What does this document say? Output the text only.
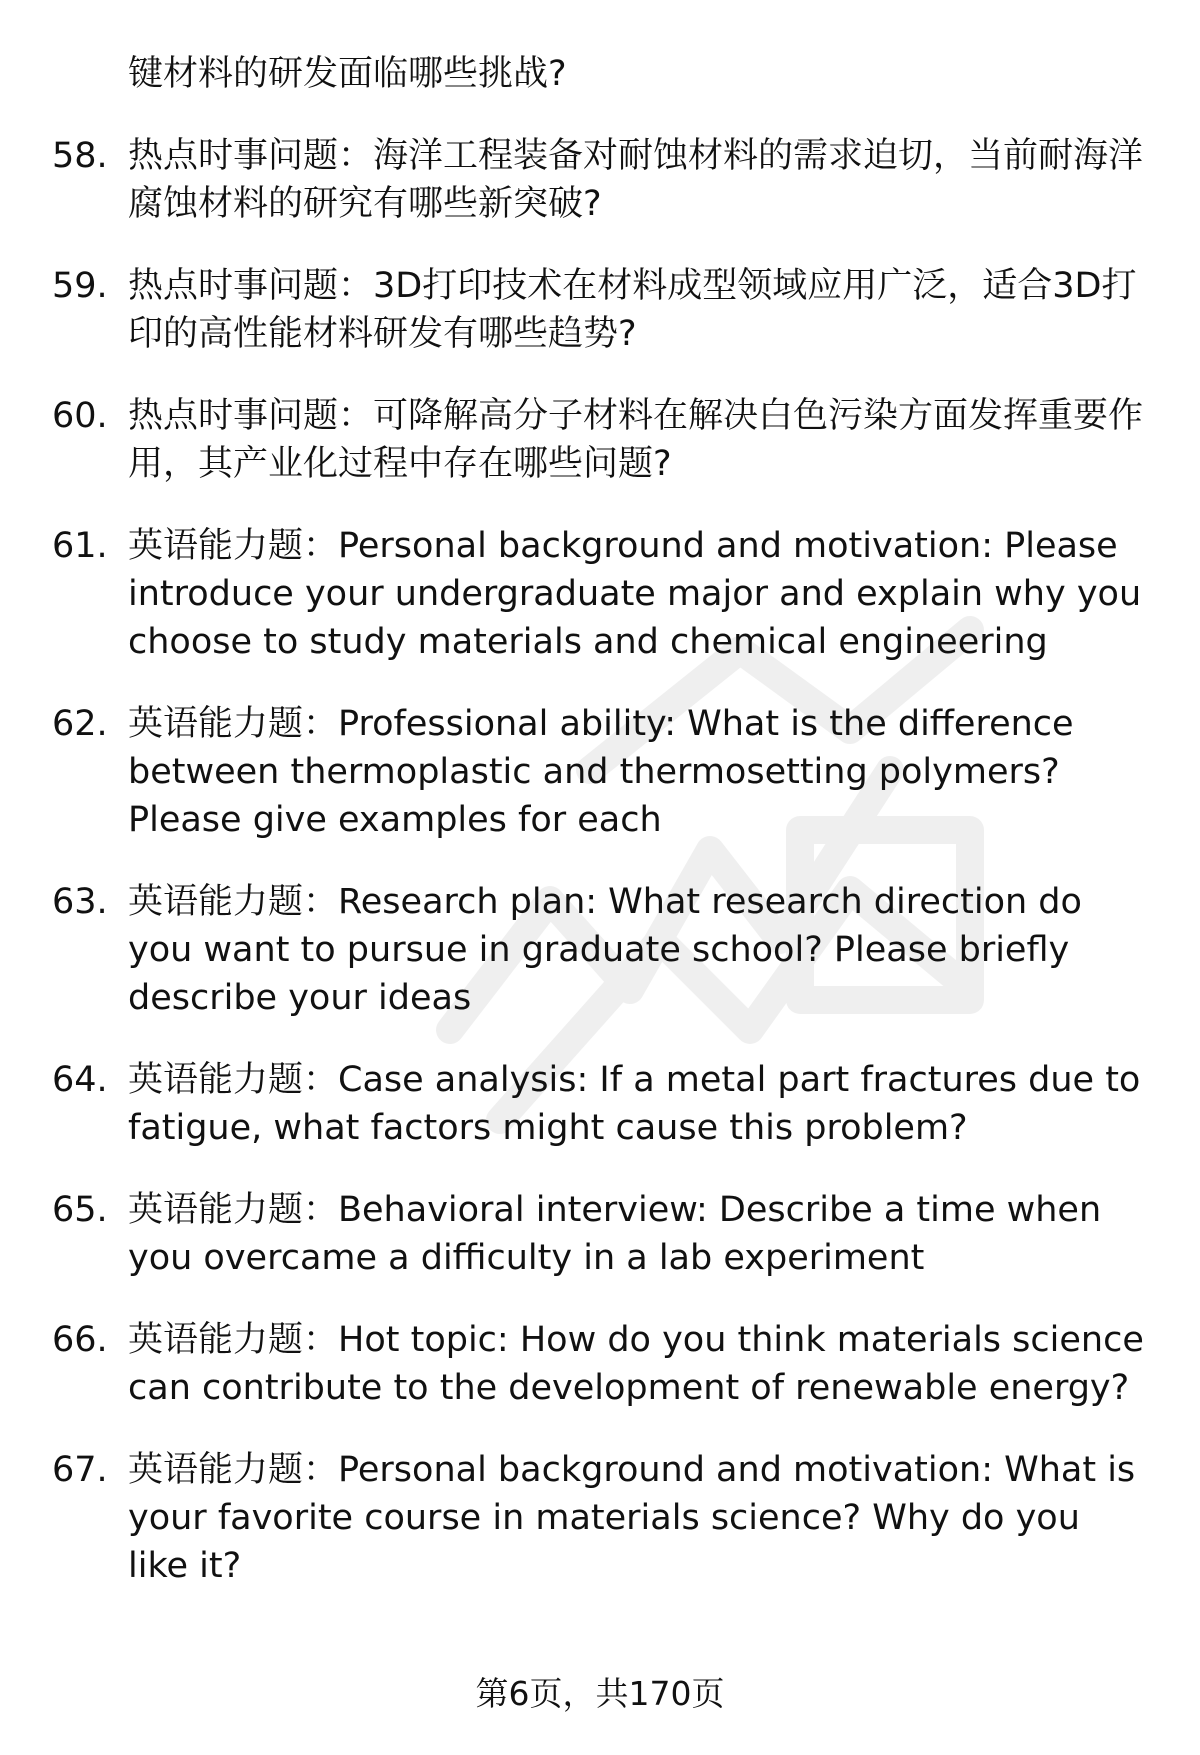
键材料的研发面临哪些挑战?
58. 热点时事问题：海洋工程装备对耐蚀材料的需求迫切，当前耐海洋腐蚀材料的研究有哪些新突破?
59. 热点时事问题：3D打印技术在材料成型领域应用广泛，适合3D打印的高性能材料研发有哪些趋势?
60. 热点时事问题：可降解高分子材料在解决白色污染方面发挥重要作用，其产业化过程中存在哪些问题?
61. 英语能力题：Personal background and motivation: Please introduce your undergraduate major and explain why you choose to study materials and chemical engineering
62. 英语能力题：Professional ability: What is the difference between thermoplastic and thermosetting polymers? Please give examples for each
63. 英语能力题：Research plan: What research direction do you want to pursue in graduate school? Please briefly describe your ideas
64. 英语能力题：Case analysis: If a metal part fractures due to fatigue, what factors might cause this problem?
65. 英语能力题：Behavioral interview: Describe a time when you overcame a difficulty in a lab experiment
66. 英语能力题：Hot topic: How do you think materials science can contribute to the development of renewable energy?
67. 英语能力题：Personal background and motivation: What is your favorite course in materials science? Why do you like it?
第6页，共170页
